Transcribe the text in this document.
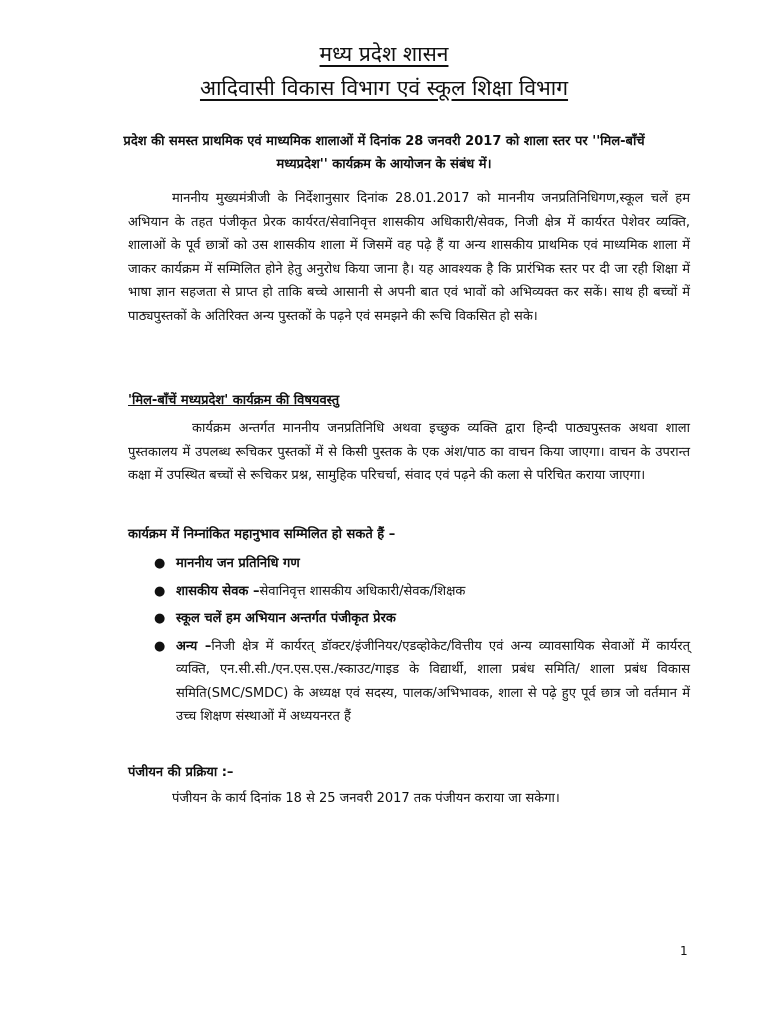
मध्य प्रदेश शासन
आदिवासी विकास विभाग एवं स्कूल शिक्षा विभाग
प्रदेश की समस्त प्राथमिक एवं माध्यमिक शालाओं में दिनांक 28 जनवरी 2017 को शाला स्तर पर ''मिल-बाँचें मध्यप्रदेश'' कार्यक्रम के आयोजन के संबंध में।
माननीय मुख्यमंत्रीजी के निर्देशानुसार दिनांक 28.01.2017 को माननीय जनप्रतिनिधिगण,स्कूल चलें हम अभियान के तहत पंजीकृत प्रेरक कार्यरत/सेवानिवृत्त शासकीय अधिकारी/सेवक, निजी क्षेत्र में कार्यरत पेशेवर व्यक्ति, शालाओं के पूर्व छात्रों को उस शासकीय शाला में जिसमें वह पढ़े हैं या अन्य शासकीय प्राथमिक एवं माध्यमिक शाला में जाकर कार्यक्रम में सम्मिलित होने हेतु अनुरोध किया जाना है। यह आवश्यक है कि प्रारंभिक स्तर पर दी जा रही शिक्षा में भाषा ज्ञान सहजता से प्राप्त हो ताकि बच्चे आसानी से अपनी बात एवं भावों को अभिव्यक्त कर सकें। साथ ही बच्चों में पाठ्यपुस्तकों के अतिरिक्त अन्य पुस्तकों के पढ़ने एवं समझने की रूचि विकसित हो सके।
'मिल-बाँचें मध्यप्रदेश' कार्यक्रम की विषयवस्तु
कार्यक्रम अन्तर्गत माननीय जनप्रतिनिधि अथवा इच्छुक व्यक्ति द्वारा हिन्दी पाठ्यपुस्तक अथवा शाला पुस्तकालय में उपलब्ध रूचिकर पुस्तकों में से किसी पुस्तक के एक अंश/पाठ का वाचन किया जाएगा। वाचन के उपरान्त कक्षा में उपस्थित बच्चों से रूचिकर प्रश्न, सामुहिक परिचर्चा, संवाद एवं पढ़ने की कला से परिचित कराया जाएगा।
कार्यक्रम में निम्नांकित महानुभाव सम्मिलित हो सकते हैं –
● माननीय जन प्रतिनिधि गण
● शासकीय सेवक –सेवानिवृत्त शासकीय अधिकारी/सेवक/शिक्षक
● स्कूल चलें हम अभियान अन्तर्गत पंजीकृत प्रेरक
● अन्य –निजी क्षेत्र में कार्यरत् डॉक्टर/इंजीनियर/एडव्होकेट/वित्तीय एवं अन्य व्यावसायिक सेवाओं में कार्यरत् व्यक्ति, एन.सी.सी./एन.एस.एस./स्काउट/गाइड के विद्यार्थी, शाला प्रबंध समिति/ शाला प्रबंध विकास समिति(SMC/SMDC) के अध्यक्ष एवं सदस्य, पालक/अभिभावक, शाला से पढ़े हुए पूर्व छात्र जो वर्तमान में उच्च शिक्षण संस्थाओं में अध्ययनरत हैं
पंजीयन की प्रक्रिया :–
पंजीयन के कार्य दिनांक 18 से 25 जनवरी 2017 तक पंजीयन कराया जा सकेगा।
1
